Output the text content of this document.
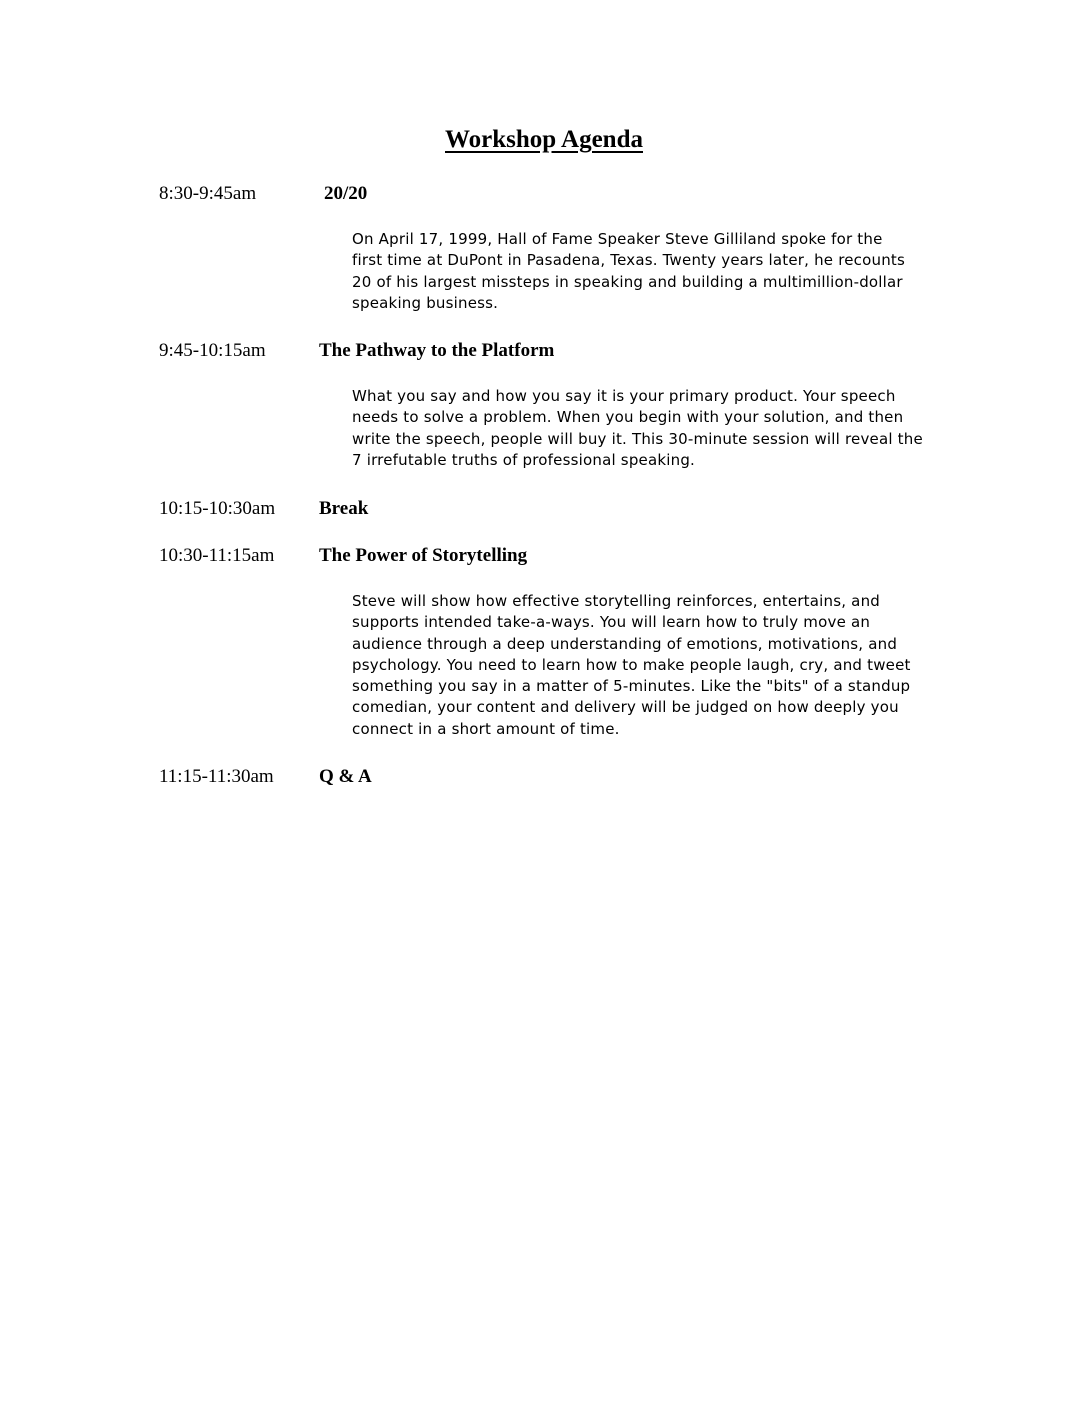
Workshop Agenda
8:30-9:45am	20/20

On April 17, 1999, Hall of Fame Speaker Steve Gilliland spoke for the
first time at DuPont in Pasadena, Texas. Twenty years later, he recounts
20 of his largest missteps in speaking and building a multimillion-dollar
speaking business.

9:45-10:15am	The Pathway to the Platform

What you say and how you say it is your primary product. Your speech
needs to solve a problem. When you begin with your solution, and then
write the speech, people will buy it. This 30-minute session will reveal the
7 irrefutable truths of professional speaking.

10:15-10:30am Break
10:30-11:15am The Power of Storytelling

Steve will show how effective storytelling reinforces, entertains, and
supports intended take-a-ways. You will learn how to truly move an
audience through a deep understanding of emotions, motivations, and
psychology. You need to learn how to make people laugh, cry, and tweet
something you say in a matter of 5-minutes. Like the "bits" of a standup
comedian, your content and delivery will be judged on how deeply you
connect in a short amount of time.

11:15-11:30am Q & A
